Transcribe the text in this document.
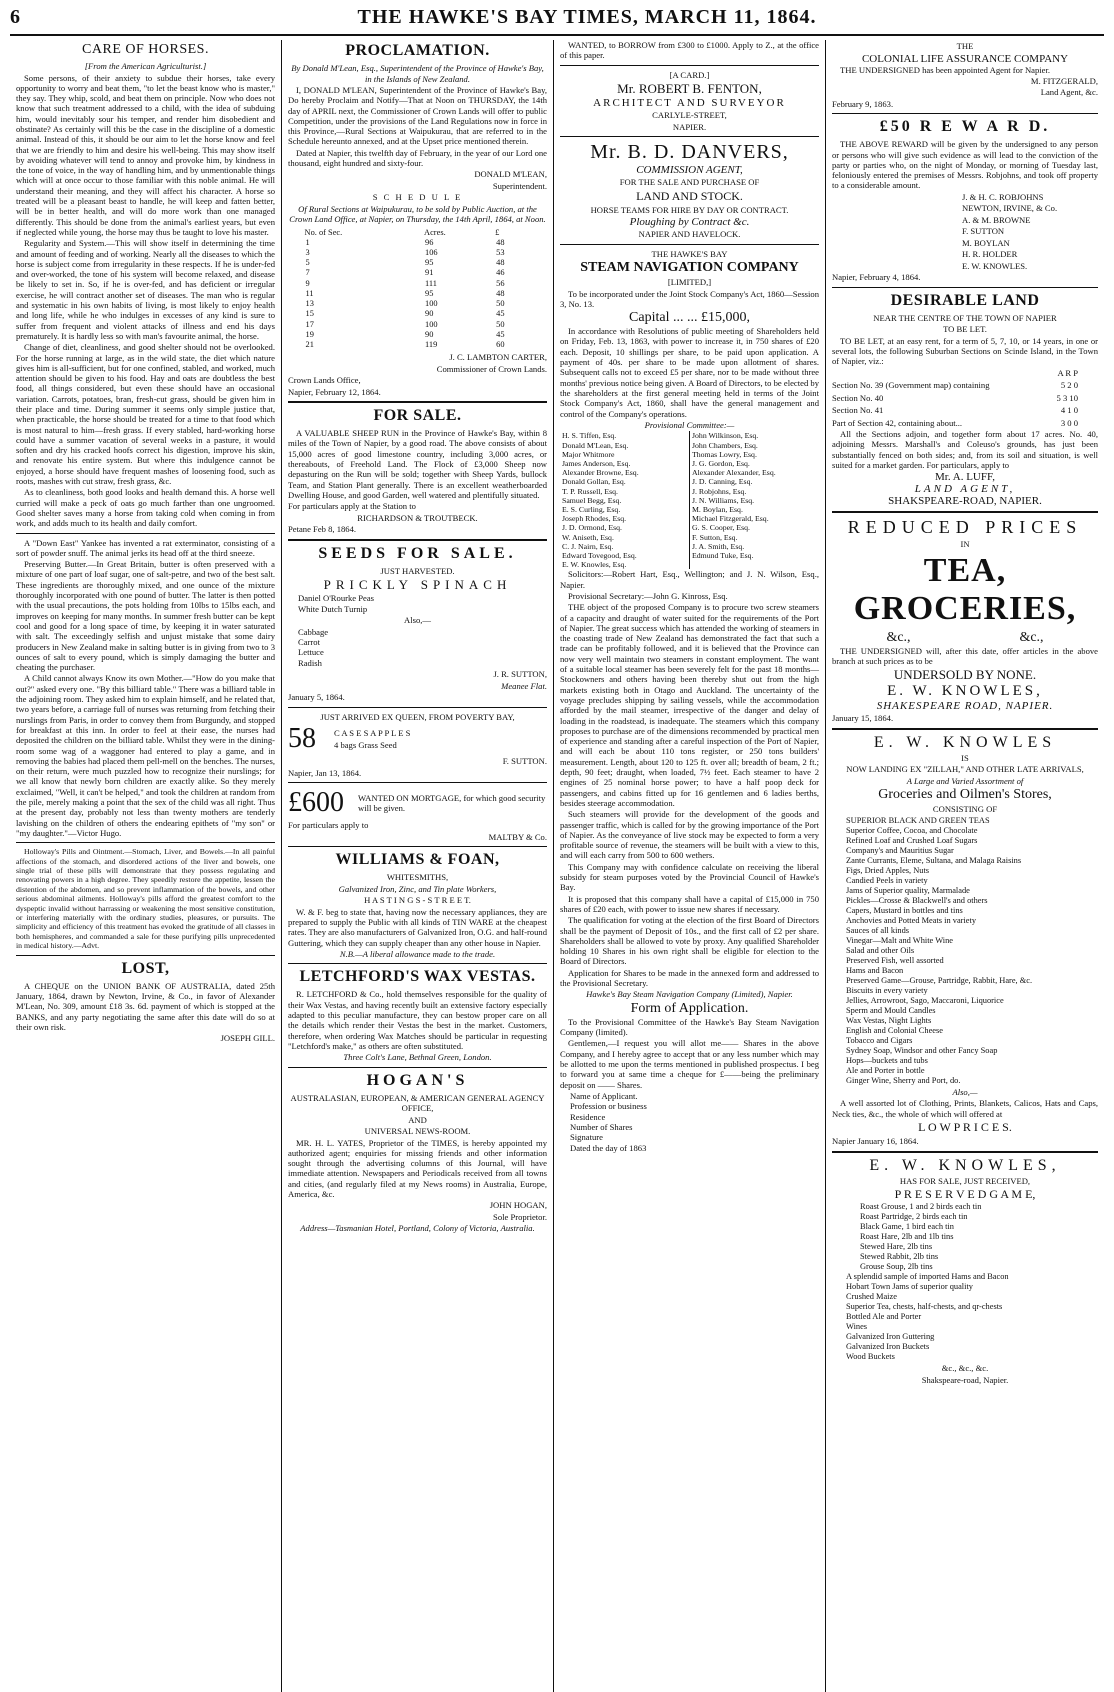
6	THE HAWKE'S BAY TIMES, MARCH 11, 1864.
CARE OF HORSES.
[From the American Agriculturist.]

Some persons, of their anxiety to subdue their horses, take every opportunity to worry and beat them, "to let the beast know who is master," they say. They whip, scold, and beat them on principle. Now who does not know that such treatment addressed to a child, with the idea of subduing him, would inevitably sour his temper, and render him disobedient and obstinate? As certainly will this be the case in the discipline of a domestic animal. Instead of this, it should be our aim to let the horse know and feel that we are friendly to him and desire his well-being. This may show itself by avoiding whatever will tend to annoy and provoke him, by kindness in the tone of voice, in the way of handling him, and by unmentionable things which will at once occur to those familiar with this noble animal. He will understand their meaning, and they will affect his character. A horse so treated will be a pleasant beast to handle, he will keep and fatten better, will be in better health, and will do more work than one managed differently. This should be done from the animal's earliest years, but even if neglected while young, the horse may thus be taught to love his master.

Regularity and System.—This will show itself in determining the time and amount of feeding and of working. Nearly all the diseases to which the horse is subject come from irregularity in these respects. If he is under-fed and over-worked, the tone of his system will become relaxed, and disease be likely to set in. So, if he is over-fed, and has deficient or irregular exercise, he will contract another set of diseases. The man who is regular and systematic in his own habits of living, is most likely to enjoy health and long life, while he who indulges in excesses of any kind is sure to suffer from frequent and violent attacks of illness and end his days prematurely. It is hardly less so with man's favourite animal, the horse.

Change of diet, cleanliness, and good shelter should not be overlooked. For the horse running at large, as in the wild state, the diet which nature gives him is all-sufficient, but for one confined, stabled, and worked, much attention should be given to his food. Hay and oats are doubtless the best food, all things considered, but even these should have an occasional variation. Carrots, potatoes, bran, fresh-cut grass, should be given him in their place and time. During summer it seems only simple justice that, when practicable, the horse should be treated for a time to that food which is most natural to him—fresh grass. If every stabled, hard-working horse could have a summer vacation of several weeks in a pasture, it would soften and dry his cracked hoofs correct his digestion, improve his skin, and renovate his entire system. But where this indulgence cannot be enjoyed, a horse should have frequent mashes of loosening food, such as roots, mashes with cut straw, fresh grass, &c.

As to cleanliness, both good looks and health demand this. A horse well curried will make a peck of oats go much farther than one ungroomed. Good shelter saves many a horse from taking cold when coming in from work, and adds much to its health and daily comfort.

A "Down East" Yankee has invented a rat exterminator, consisting of a sort of powder snuff. The animal jerks its head off at the third sneeze.

Preserving Butter.—In Great Britain, butter is often preserved with a mixture of one part of loaf sugar, one of salt-petre, and two of the best salt. These ingredients are thoroughly mixed, and one ounce of the mixture thoroughly incorporated with one pound of butter. The latter is then potted with the usual precautions, the pots holding from 10lbs to 15lbs each, and improves on keeping for many months. In summer fresh butter can be kept cool and good for a long space of time, by keeping it in water saturated with salt. The exceedingly selfish and unjust mistake that some dairy producers in New Zealand make in salting butter is in giving from two to 3 ounces of salt to every pound, which is simply damaging the butter and cheating the purchaser.

A Child cannot always Know its own Mother.—"How do you make that out?" asked every one. "By this billiard table." There was a billiard table in the adjoining room. They asked him to explain himself, and he related that, two years before, a carriage full of nurses was returning from fetching their nurslings from Paris, in order to convey them from Burgundy, and stopped for breakfast at this inn. In order to feel at their ease, the nurses had deposited the children on the billiard table. Whilst they were in the dining-room some wag of a waggoner had entered to play a game, and in removing the babies had placed them pell-mell on the benches. The nurses, on their return, were much puzzled how to recognize their nurslings; for we all know that newly born children are exactly alike. So they merely exclaimed, "Well, it can't be helped," and took the children at random from the pile, merely making a point that the sex of the child was all right. Thus at the present day, probably not less than twenty mothers are tenderly lavishing on the children of others the endearing epithets of "my son" or "my daughter."—Victor Hugo.

Holloway's Pills and Ointment.—Stomach, Liver, and Bowels.—In all painful affections of the stomach, and disordered actions of the liver and bowels, one single trial of these pills will demonstrate that they possess regulating and renovating powers in a high degree. They speedily restore the appetite, lessen the distention of the abdomen, and so prevent inflammation of the bowels, and other serious abdominal ailments. Holloway's pills afford the greatest comfort to the dyspeptic invalid without harrassing or weakening the most sensitive constitution, or interfering materially with the ordinary studies, pleasures, or pursuits. The simplicity and efficiency of this treatment has evoked the gratitude of all classes in both hemispheres, and commanded a sale for these purifying pills unprecedented in medical history.—Advt.

LOST,

A CHEQUE on the UNION BANK OF AUSTRALIA, dated 25th January, 1864, drawn by Newton, Irvine, & Co., in favor of Alexander M'Lean, No. 309, amount £18 3s. 6d. payment of which is stopped at the BANKS, and any party negotiating the same after this date will do so at their own risk.

JOSEPH GILL.
PROCLAMATION.
By Donald M'Lean, Esq., Superintendent of the Province of Hawke's Bay, in the Islands of New Zealand.

I, DONALD M'LEAN, Superintendent of the Province of Hawke's Bay, Do hereby Proclaim and Notify—That at Noon on THURSDAY, the 14th day of APRIL next, the Commissioner of Crown Lands will offer to public Competition, under the provisions of the Land Regulations now in force in this Province,—Rural Sections at Waipukurau, that are referred to in the Schedule hereunto annexed, and at the Upset price mentioned therein.

Dated at Napier, this twelfth day of February, in the year of our Lord one thousand, eight hundred and sixty-four.

DONALD M'LEAN,
Superintendent.
S C H E D U L E
Of Rural Sections at Waipukurau, to be sold by Public Auction, at the Crown Land Office, at Napier, on Thursday, the 14th April, 1864, at Noon.
No. of Sec.	Acres.	£
1	96	48
3	106	53
5	95	48
7	91	46
9	111	56
11	95	48
13	100	50
15	90	45
17	100	50
19	90	45
21	119	60
J. C. LAMBTON CARTER,
Commissioner of Crown Lands.
Crown Lands Office,
Napier, February 12, 1864.
FOR SALE.

A VALUABLE SHEEP RUN in the Province of Hawke's Bay, within 8 miles of the Town of Napier, by a good road. The above consists of about 15,000 acres of good limestone country, including 3,000 acres, or thereabouts, of Freehold Land. The Flock of £3,000 Sheep now depasturing on the Run will be sold; together with Sheep Yards, bullock Team, and Station Plant generally. There is an excellent weatherboarded Dwelling House, and good Garden, well watered and plentifully situated.

For particulars apply at the Station to
RICHARDSON & TROUTBECK.
Petane Feb 8, 1864.
SEEDS FOR SALE.
JUST HARVESTED.
PRICKLY SPINACH
Daniel O'Rourke Peas
White Dutch Turnip
Also,—
Cabbage
Carrot
Lettuce
Radish
J. R. SUTTON,
Meanee Flat.
January 5, 1864.
JUST ARRIVED EX QUEEN, FROM POVERTY BAY,
58	C A S E S A P P L E S
4 bags Grass Seed
F. SUTTON.
Napier, Jan 13, 1864.
£600	WANTED ON MORTGAGE, for which good security will be given.
For particulars apply to
MALTBY & Co.
WILLIAMS & FOAN,
WHITESMITHS,
Galvanized Iron, Zinc, and Tin plate Workers,
H A S T I N G S - S T R E E T.

W. & F. beg to state that, having now the necessary appliances, they are prepared to supply the Public with all kinds of TIN WARE at the cheapest rates. They are also manufacturers of Galvanized Iron, O.G. and half-round Guttering, which they can supply cheaper than any other house in Napier.

N.B.—A liberal allowance made to the trade.
LETCHFORD'S WAX VESTAS.

R. LETCHFORD & Co., hold themselves responsible for the quality of their Wax Vestas, and having recently built an extensive factory especially adapted to this peculiar manufacture, they can bestow proper care on all the details which render their Vestas the best in the market. Customers, therefore, when ordering Wax Matches should be particular in requesting "Letchford's make," as others are often substituted.

Three Colt's Lane, Bethnal Green, London.
HOGAN'S
AUSTRALASIAN, EUROPEAN, & AMERICAN GENERAL AGENCY OFFICE,
AND
UNIVERSAL NEWS-ROOM.

MR. H. L. YATES, Proprietor of the TIMES, is hereby appointed my authorized agent; enquiries for missing friends and other information sought through the advertising columns of this Journal, will have immediate attention. Newspapers and Periodicals received from all towns and cities, (and regularly filed at my News rooms) in Australia, Europe, America, &c.

JOHN HOGAN,
Sole Proprietor.
Address—Tasmanian Hotel, Portland, Colony of Victoria, Australia.

WANTED, to BORROW from £300 to £1000. Apply to Z., at the office of this paper.

[A CARD.]
Mr. ROBERT B. FENTON,
ARCHITECT AND SURVEYOR
CARLYLE-STREET,
NAPIER.
Mr. B. D. DANVERS,
COMMISSION AGENT,
FOR THE SALE AND PURCHASE OF
LAND AND STOCK.
HORSE TEAMS FOR HIRE BY DAY OR CONTRACT.
Ploughing by Contract &c.
NAPIER AND HAVELOCK.
THE HAWKE'S BAY
STEAM NAVIGATION COMPANY
[LIMITED,]

To be incorporated under the Joint Stock Company's Act, 1860—Session 3, No. 13.

Capital ... ... £15,000,

In accordance with Resolutions of public meeting of Shareholders held on Friday, Feb. 13, 1863, with power to increase it, in 750 shares of £20 each. Deposit, 10 shillings per share, to be paid upon application. A payment of 40s. per share to be made upon allotment of shares. Subsequent calls not to exceed £5 per share, nor to be made without three months' previous notice being given. A Board of Directors, to be elected by the shareholders at the first general meeting held in terms of the Joint Stock Company's Act, 1860, shall have the general management and control of the Company's operations.

Provisional Committee:—
H. S. Tiffen, Esq.
Donald M'Lean, Esq.
Major Whitmore
James Anderson, Esq.
Alexander Browne, Esq.
Donald Gollan, Esq.
T. P. Russell, Esq.
Samuel Begg, Esq.
E. S. Curling, Esq.
Joseph Rhodes, Esq.
J. D. Ormond, Esq.
W. Aniseth, Esq.
C. J. Nairn, Esq.
Edward Tovegood, Esq.
E. W. Knowles, Esq.
John Wilkinson, Esq.
John Chambers, Esq.
Thomas Lowry, Esq.
J. G. Gordon, Esq.
Alexander Alexander, Esq.
J. D. Canning, Esq.
J. Robjohns, Esq.
J. N. Williams, Esq.
M. Boylan, Esq.
Michael Fitzgerald, Esq.
G. S. Cooper, Esq.
F. Sutton, Esq.
J. A. Smith, Esq.
Edmund Tuke, Esq.

Solicitors:—Robert Hart, Esq., Wellington; and J. N. Wilson, Esq., Napier.

Provisional Secretary:—John G. Kinross, Esq.

THE object of the proposed Company is to procure two screw steamers of a capacity and draught of water suited for the requirements of the Port of Napier. The great success which has attended the working of steamers in the coasting trade of New Zealand has demonstrated the fact that such a trade can be profitably followed, and it is believed that the Province can now very well maintain two steamers in constant employment. The want of a suitable local steamer has been severely felt for the past 18 months—Stockowners and others having been thereby shut out from the high markets existing both in Otago and Auckland. The uncertainty of the voyage precludes shipping by sailing vessels, while the accommodation afforded by the mail steamer, irrespective of the danger and delay of loading in the roadstead, is inadequate. The steamers which this company proposes to purchase are of the dimensions recommended by practical men of experience and standing after a careful inspection of the Port of Napier, and will each be about 110 tons register, or 250 tons builders' measurement. Length, about 120 to 125 ft. over all; breadth of beam, 2 ft.; depth, 90 feet; draught, when loaded, 7½ feet. Each steamer to have 2 engines of 25 nominal horse power; to have a half poop deck for passengers, and cabins fitted up for 16 gentlemen and 6 ladies berths, besides steerage accommodation.

Such steamers will provide for the development of the goods and passenger traffic, which is called for by the growing importance of the Port of Napier. As the conveyance of live stock may be expected to form a very profitable source of revenue, the steamers will be built with a view to this, and will each carry from 500 to 600 wethers.

This Company may with confidence calculate on receiving the liberal subsidy for steam purposes voted by the Provincial Council of Hawke's Bay.

It is proposed that this company shall have a capital of £15,000 in 750 shares of £20 each, with power to issue new shares if necessary.

The qualification for voting at the election of the first Board of Directors shall be the payment of Deposit of 10s., and the first call of £2 per share. Shareholders shall be allowed to vote by proxy. Any qualified Shareholder holding 10 Shares in his own right shall be eligible for election to the Board of Directors.

Application for Shares to be made in the annexed form and addressed to the Provisional Secretary.

Hawke's Bay Steam Navigation Company (Limited), Napier.
Form of Application.

To the Provisional Committee of the Hawke's Bay Steam Navigation Company (limited).

Gentlemen,—I request you will allot me—— Shares in the above Company, and I hereby agree to accept that or any less number which may be allotted to me upon the terms mentioned in published prospectus. I beg to forward you at same time a cheque for £——being the preliminary deposit on —— Shares.

Name of Applicant.
Profession or business
Residence
Number of Shares
Signature
Dated the day of 1863
THE
COLONIAL LIFE ASSURANCE COMPANY

THE UNDERSIGNED has been appointed Agent for Napier.

M. FITZGERALD,
Land Agent, &c.
February 9, 1863.
£50 R E W A R D.

THE ABOVE REWARD will be given by the undersigned to any person or persons who will give such evidence as will lead to the conviction of the party or parties who, on the night of Monday, or morning of Tuesday last, feloniously entered the premises of Messrs. Robjohns, and took off property to a considerable amount.

J. & H. C. ROBJOHNS
NEWTON, IRVINE, & Co.
A. & M. BROWNE
F. SUTTON
M. BOYLAN
H. R. HOLDER
E. W. KNOWLES.
Napier, February 4, 1864.
DESIRABLE LAND
NEAR THE CENTRE OF THE TOWN OF NAPIER
TO BE LET.

TO BE LET, at an easy rent, for a term of 5, 7, 10, or 14 years, in one or several lots, the following Suburban Sections on Scinde Island, in the Town of Napier, viz.:

A R P
Section No. 39 (Government map) containing	5 2 0
Section No. 40	5 3 10
Section No. 41	4 1 0
Part of Section 42, containing about...	3 0 0

All the Sections adjoin, and together form about 17 acres. No. 40, adjoining Messrs. Marshall's and Coleuso's grounds, has just been substantially fenced on both sides; and, from its soil and situation, is well suited for a market garden. For particulars, apply to

Mr. A. LUFF,
LAND AGENT,
SHAKSPEARE-ROAD, NAPIER.
REDUCED PRICES
IN
TEA, GROCERIES,
&c.,	&c.,

THE UNDERSIGNED will, after this date, offer articles in the above branch at such prices as to be

UNDERSOLD BY NONE.
E. W. KNOWLES,
SHAKESPEARE ROAD, NAPIER.
January 15, 1864.
E. W. KNOWLES
IS
NOW LANDING EX "ZILLAH," AND OTHER LATE ARRIVALS,
A Large and Varied Assortment of
Groceries and Oilmen's Stores,
CONSISTING OF
SUPERIOR BLACK AND GREEN TEAS
Superior Coffee, Cocoa, and Chocolate
Refined Loaf and Crushed Loaf Sugars
Company's and Mauritius Sugar
Zante Currants, Eleme, Sultana, and Malaga Raisins
Figs, Dried Apples, Nuts
Candied Peels in variety
Jams of Superior quality, Marmalade
Pickles—Crosse & Blackwell's and others
Capers, Mustard in bottles and tins
Anchovies and Potted Meats in variety
Sauces of all kinds
Vinegar—Malt and White Wine
Salad and other Oils
Preserved Fish, well assorted
Hams and Bacon
Preserved Game—Grouse, Partridge, Rabbit, Hare, &c.
Biscuits in every variety
Jellies, Arrowroot, Sago, Maccaroni, Liquorice
Sperm and Mould Candles
Wax Vestas, Night Lights
English and Colonial Cheese
Tobacco and Cigars
Sydney Soap, Windsor and other Fancy Soap
Hops—buckets and tubs
Ale and Porter in bottle
Ginger Wine, Sherry and Port, do.
Also,—

A well assorted lot of Clothing, Prints, Blankets, Calicos, Hats and Caps, Neck ties, &c., the whole of which will offered at

L O W P R I C E S.
Napier January 16, 1864.
E. W. KNOWLES,
HAS FOR SALE, JUST RECEIVED,
P R E S E R V E D G A M E,
Roast Grouse, 1 and 2 birds each tin
Roast Partridge, 2 birds each tin
Black Game, 1 bird each tin
Roast Hare, 2lb and 1lb tins
Stewed Hare, 2lb tins
Stewed Rabbit, 2lb tins
Grouse Soup, 2lb tins
A splendid sample of imported Hams and Bacon
Hobart Town Jams of superior quality
Crushed Maize
Superior Tea, chests, half-chests, and qr-chests
Bottled Ale and Porter
Wines
Galvanized Iron Guttering
Galvanized Iron Buckets
Wood Buckets
&c., &c., &c.
Shakspeare-road, Napier.
